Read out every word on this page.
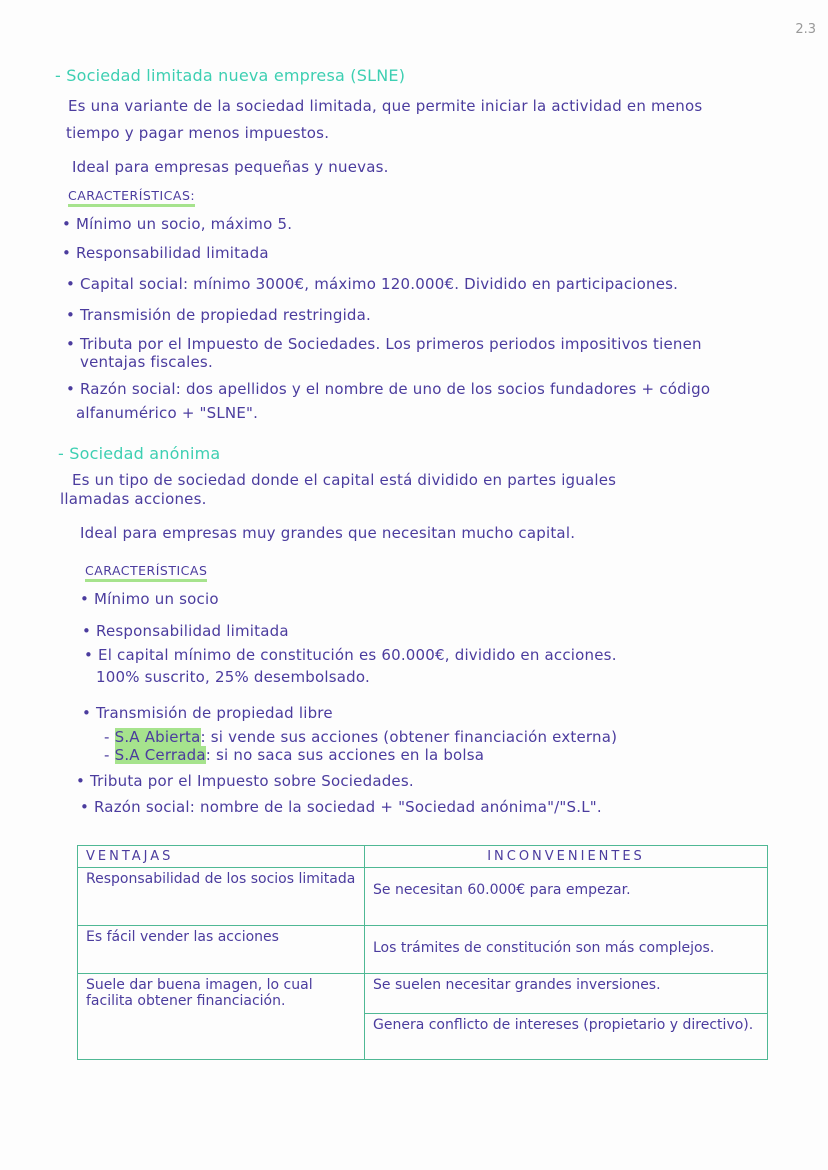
2.3
- Sociedad limitada nueva empresa (SLNE)
Es una variante de la sociedad limitada, que permite iniciar la actividad en menos
tiempo y pagar menos impuestos.
Ideal para empresas pequeñas y nuevas.
CARACTERÍSTICAS:
• Mínimo un socio, máximo 5.
• Responsabilidad limitada
• Capital social: mínimo 3000€, máximo 120.000€. Dividido en participaciones.
• Transmisión de propiedad restringida.
• Tributa por el Impuesto de Sociedades. Los primeros periodos impositivos tienen
ventajas fiscales.
• Razón social: dos apellidos y el nombre de uno de los socios fundadores + código
alfanumérico + "SLNE".
- Sociedad anónima
Es un tipo de sociedad donde el capital está dividido en partes iguales
llamadas acciones.
Ideal para empresas muy grandes que necesitan mucho capital.
CARACTERÍSTICAS
• Mínimo un socio
• Responsabilidad limitada
• El capital mínimo de constitución es 60.000€, dividido en acciones.
100% suscrito, 25% desembolsado.
• Transmisión de propiedad libre
- S.A Abierta: si vende sus acciones (obtener financiación externa)
- S.A Cerrada: si no saca sus acciones en la bolsa
• Tributa por el Impuesto sobre Sociedades.
• Razón social: nombre de la sociedad + "Sociedad anónima"/"S.L".
VENTAJAS	INCONVENIENTES
Responsabilidad de los socios limitada	Se necesitan 60.000€ para empezar.
Es fácil vender las acciones	Los trámites de constitución son más complejos.
Suele dar buena imagen, lo cual facilita obtener financiación.	Se suelen necesitar grandes inversiones.
	Genera conflicto de intereses (propietario y directivo).
